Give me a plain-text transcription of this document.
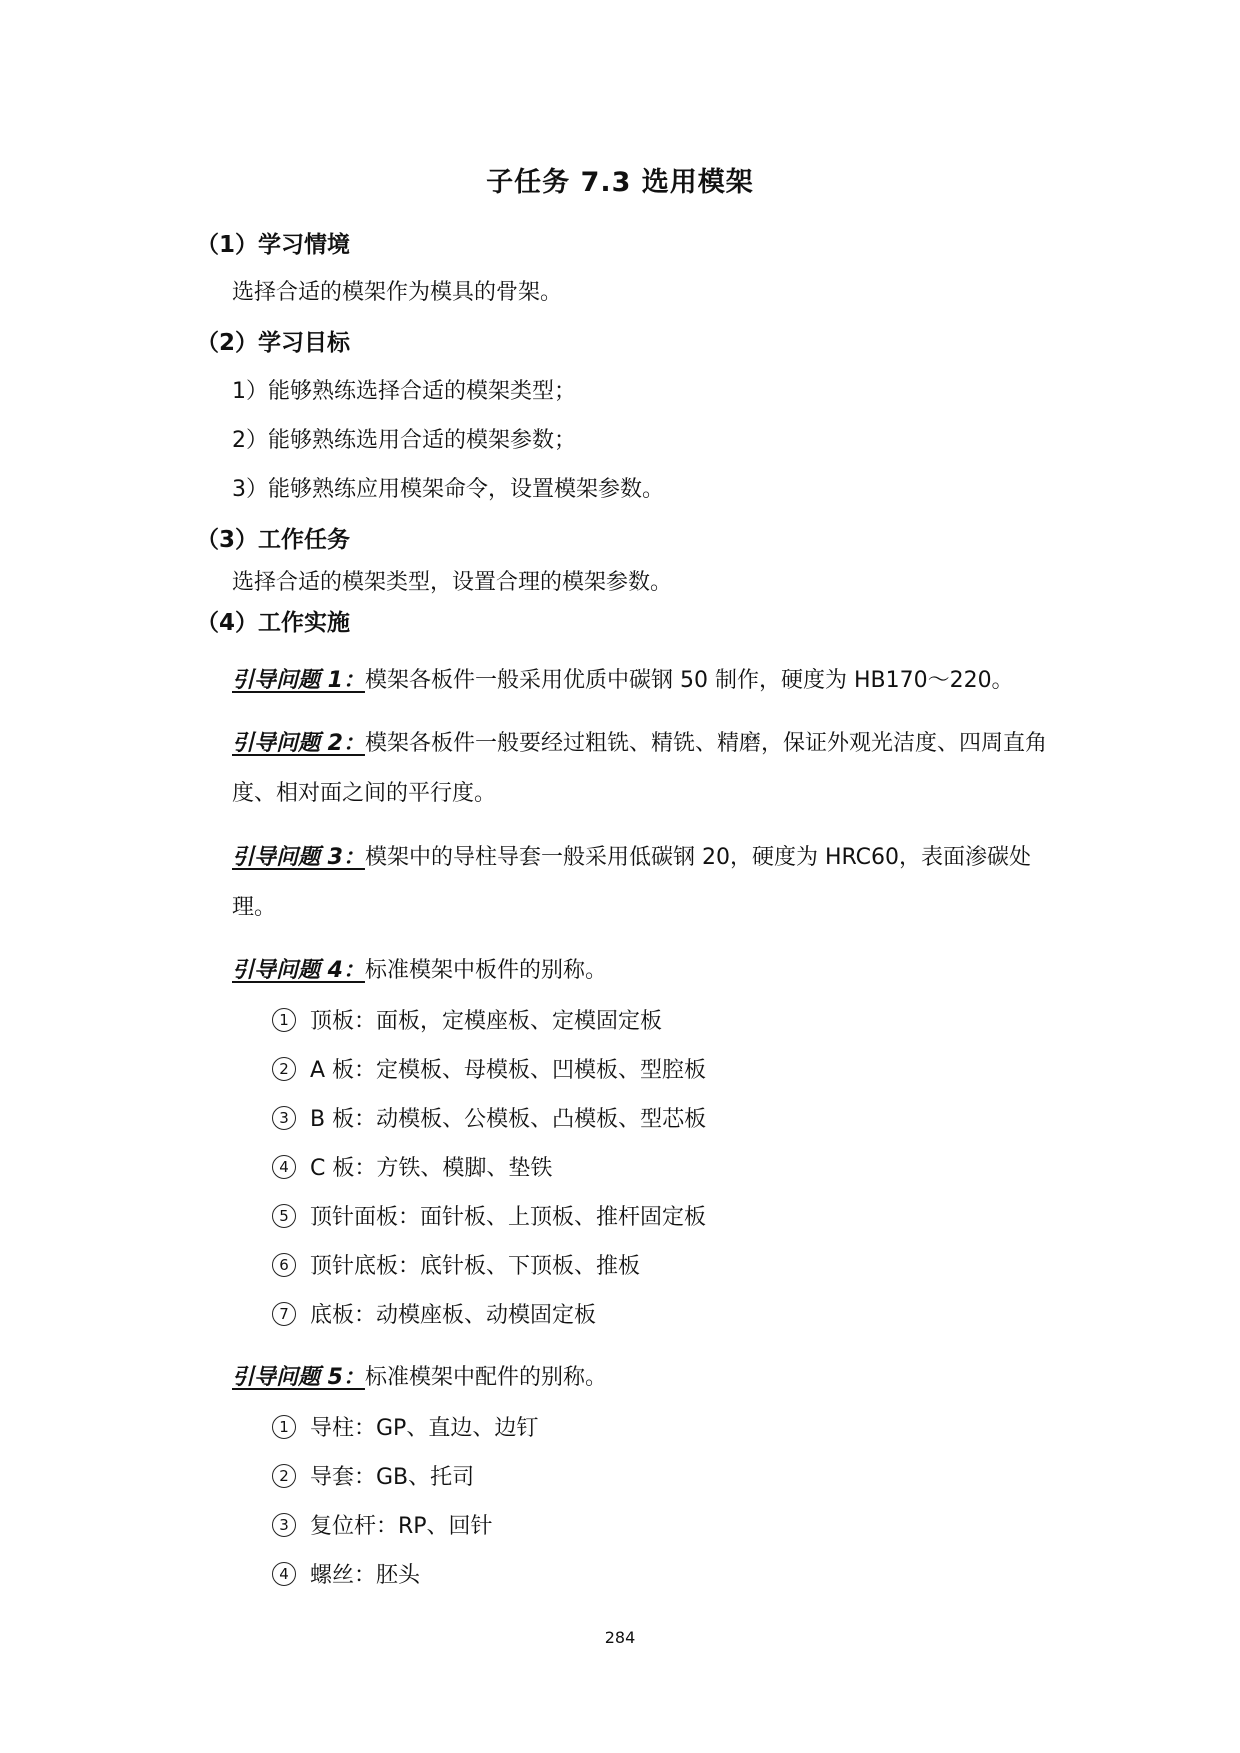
子任务 7.3 选用模架
（1）学习情境
选择合适的模架作为模具的骨架。
（2）学习目标
1）能够熟练选择合适的模架类型；
2）能够熟练选用合适的模架参数；
3）能够熟练应用模架命令，设置模架参数。
（3）工作任务
选择合适的模架类型，设置合理的模架参数。
（4）工作实施
引导问题 1：模架各板件一般采用优质中碳钢 50 制作，硬度为 HB170～220。
引导问题 2：模架各板件一般要经过粗铣、精铣、精磨，保证外观光洁度、四周直角度、相对面之间的平行度。
引导问题 3：模架中的导柱导套一般采用低碳钢 20，硬度为 HRC60，表面渗碳处理。
引导问题 4：标准模架中板件的别称。
1 顶板：面板，定模座板、定模固定板
2 A 板：定模板、母模板、凹模板、型腔板
3 B 板：动模板、公模板、凸模板、型芯板
4 C 板：方铁、模脚、垫铁
5 顶针面板：面针板、上顶板、推杆固定板
6 顶针底板：底针板、下顶板、推板
7 底板：动模座板、动模固定板
引导问题 5：标准模架中配件的别称。
1 导柱：GP、直边、边钉
2 导套：GB、托司
3 复位杆：RP、回针
4 螺丝：胚头
284
